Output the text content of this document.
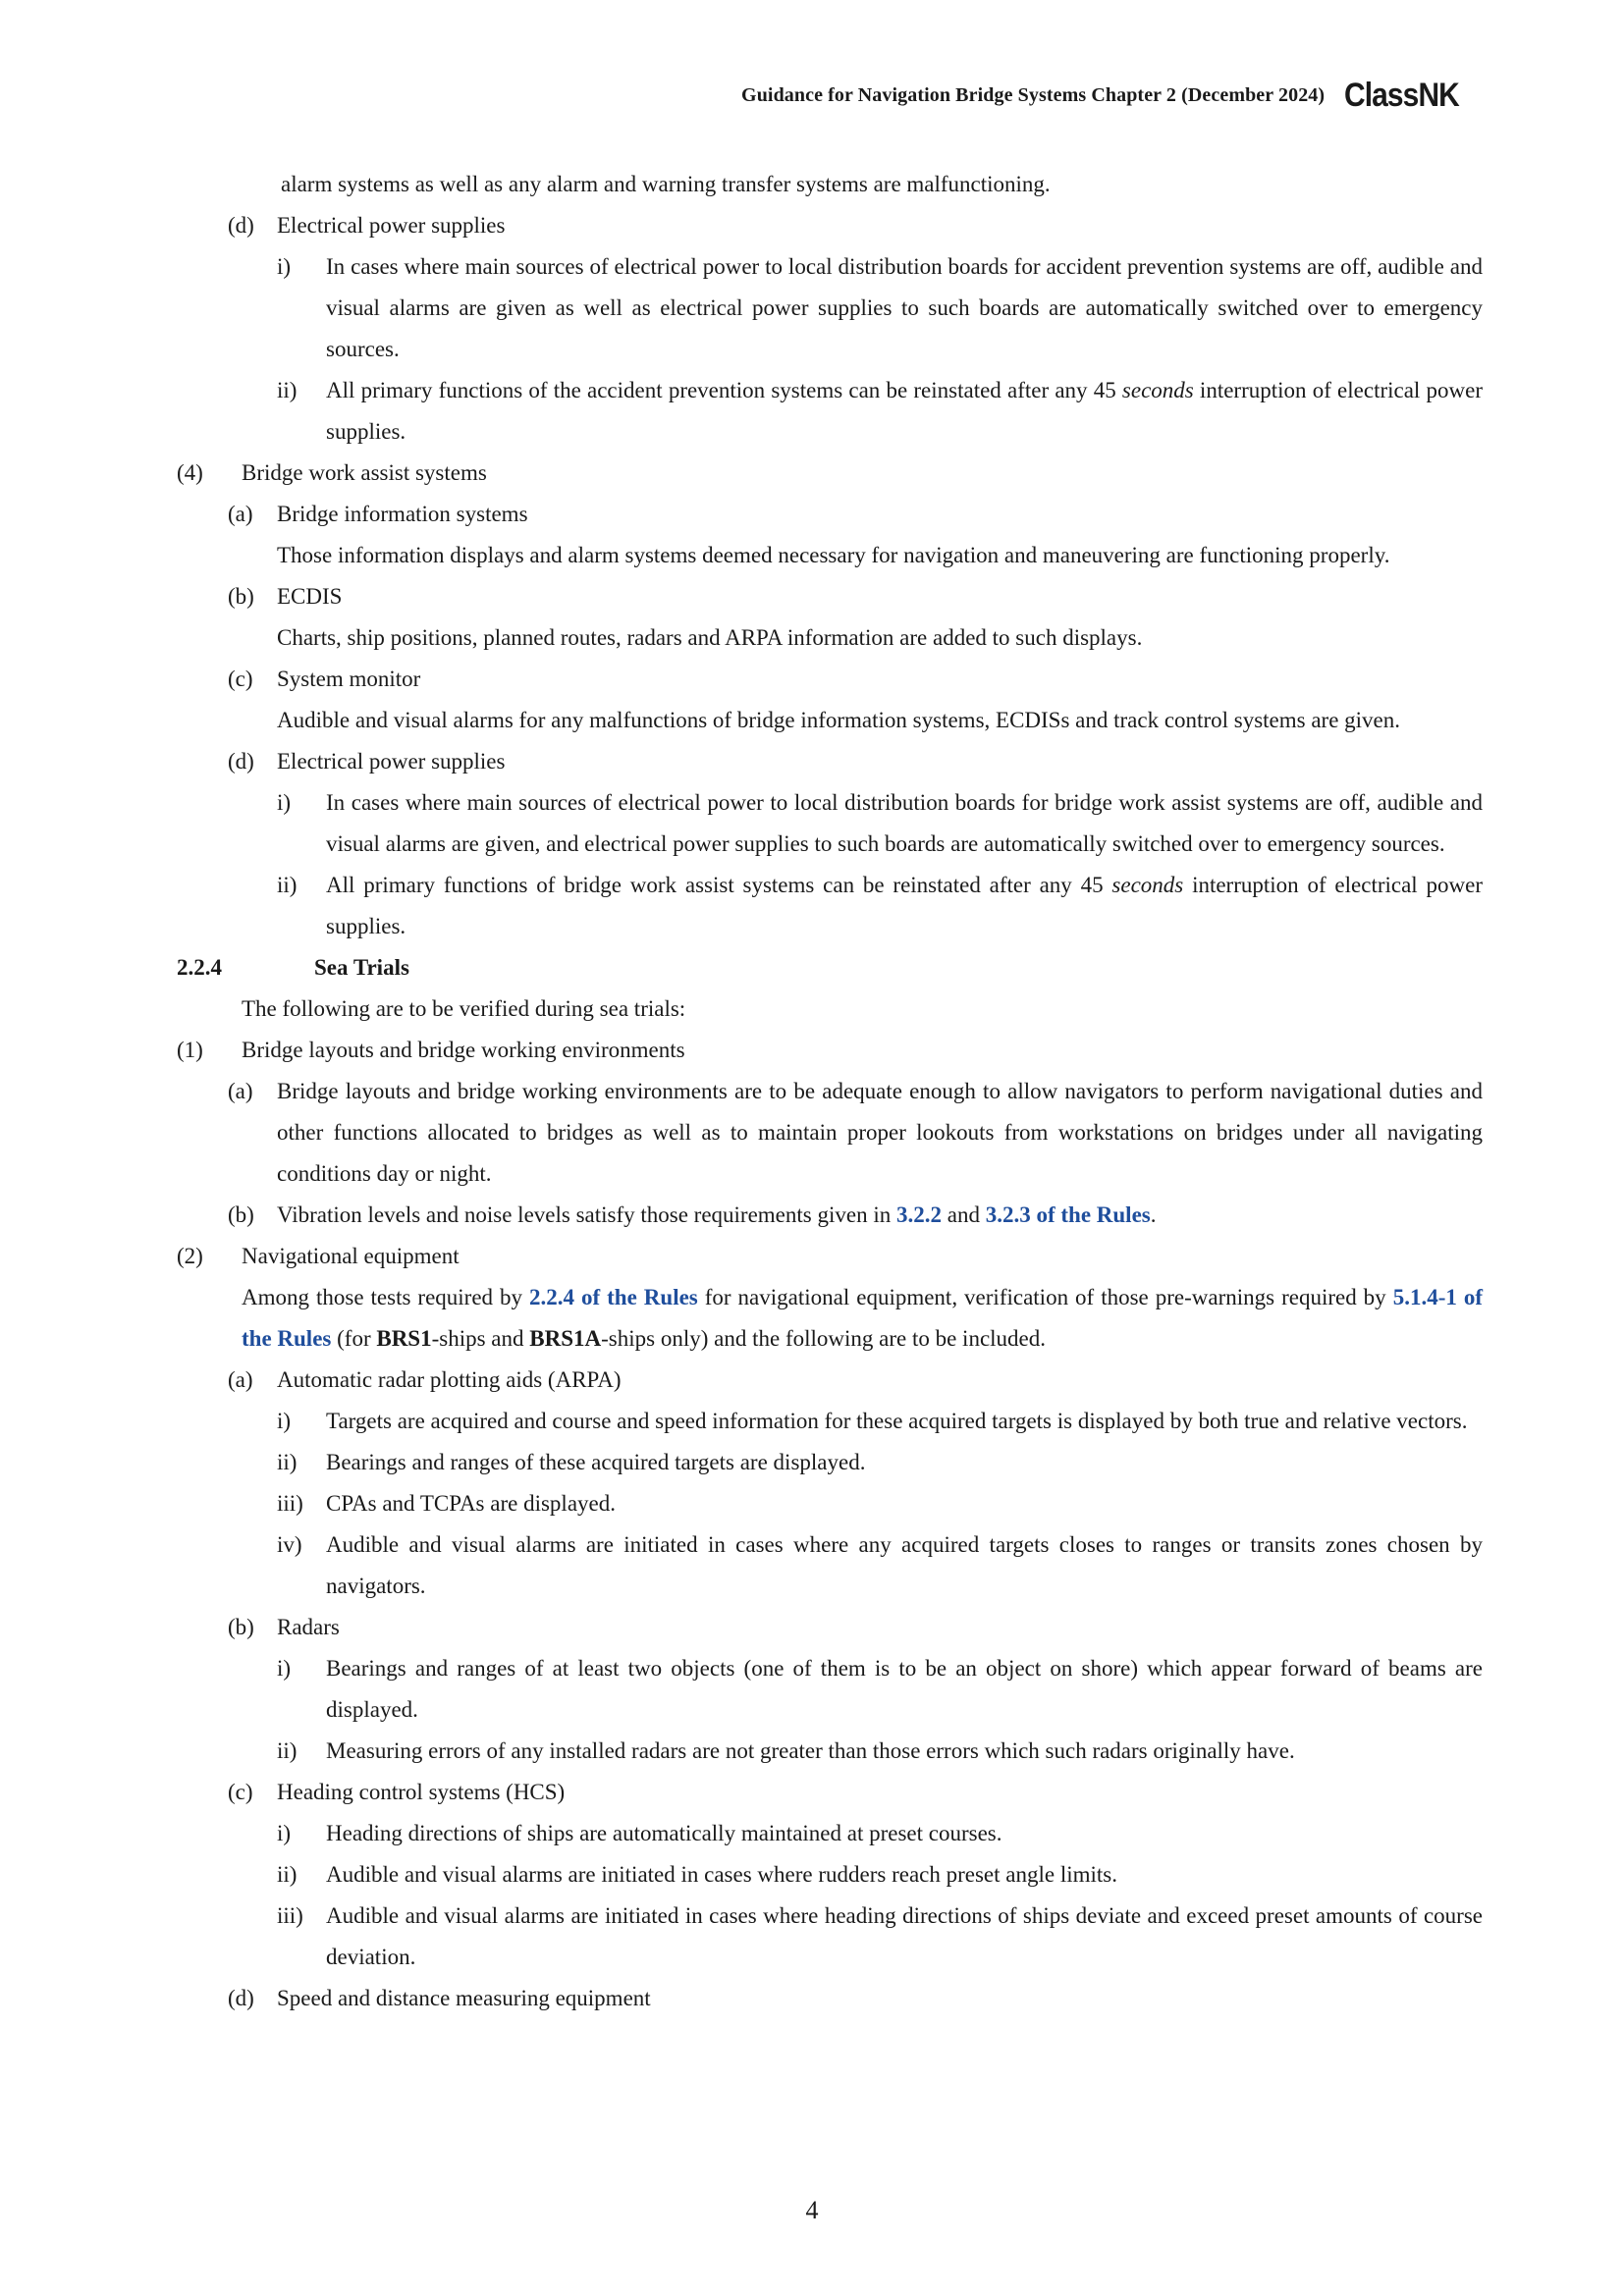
Guidance for Navigation Bridge Systems Chapter 2 (December 2024) ClassNK
alarm systems as well as any alarm and warning transfer systems are malfunctioning.
(d)	Electrical power supplies
i)	In cases where main sources of electrical power to local distribution boards for accident prevention systems are off, audible and visual alarms are given as well as electrical power supplies to such boards are automatically switched over to emergency sources.
ii)	All primary functions of the accident prevention systems can be reinstated after any 45 seconds interruption of electrical power supplies.
(4)	Bridge work assist systems
(a)	Bridge information systems
Those information displays and alarm systems deemed necessary for navigation and maneuvering are functioning properly.
(b)	ECDIS
Charts, ship positions, planned routes, radars and ARPA information are added to such displays.
(c)	System monitor
Audible and visual alarms for any malfunctions of bridge information systems, ECDISs and track control systems are given.
(d)	Electrical power supplies
i)	In cases where main sources of electrical power to local distribution boards for bridge work assist systems are off, audible and visual alarms are given, and electrical power supplies to such boards are automatically switched over to emergency sources.
ii)	All primary functions of bridge work assist systems can be reinstated after any 45 seconds interruption of electrical power supplies.
2.2.4	Sea Trials
The following are to be verified during sea trials:
(1)	Bridge layouts and bridge working environments
(a)	Bridge layouts and bridge working environments are to be adequate enough to allow navigators to perform navigational duties and other functions allocated to bridges as well as to maintain proper lookouts from workstations on bridges under all navigating conditions day or night.
(b)	Vibration levels and noise levels satisfy those requirements given in 3.2.2 and 3.2.3 of the Rules.
(2)	Navigational equipment
Among those tests required by 2.2.4 of the Rules for navigational equipment, verification of those pre-warnings required by 5.1.4-1 of the Rules (for BRS1-ships and BRS1A-ships only) and the following are to be included.
(a)	Automatic radar plotting aids (ARPA)
i)	Targets are acquired and course and speed information for these acquired targets is displayed by both true and relative vectors.
ii)	Bearings and ranges of these acquired targets are displayed.
iii)	CPAs and TCPAs are displayed.
iv)	Audible and visual alarms are initiated in cases where any acquired targets closes to ranges or transits zones chosen by navigators.
(b)	Radars
i)	Bearings and ranges of at least two objects (one of them is to be an object on shore) which appear forward of beams are displayed.
ii)	Measuring errors of any installed radars are not greater than those errors which such radars originally have.
(c)	Heading control systems (HCS)
i)	Heading directions of ships are automatically maintained at preset courses.
ii)	Audible and visual alarms are initiated in cases where rudders reach preset angle limits.
iii)	Audible and visual alarms are initiated in cases where heading directions of ships deviate and exceed preset amounts of course deviation.
(d)	Speed and distance measuring equipment
4
